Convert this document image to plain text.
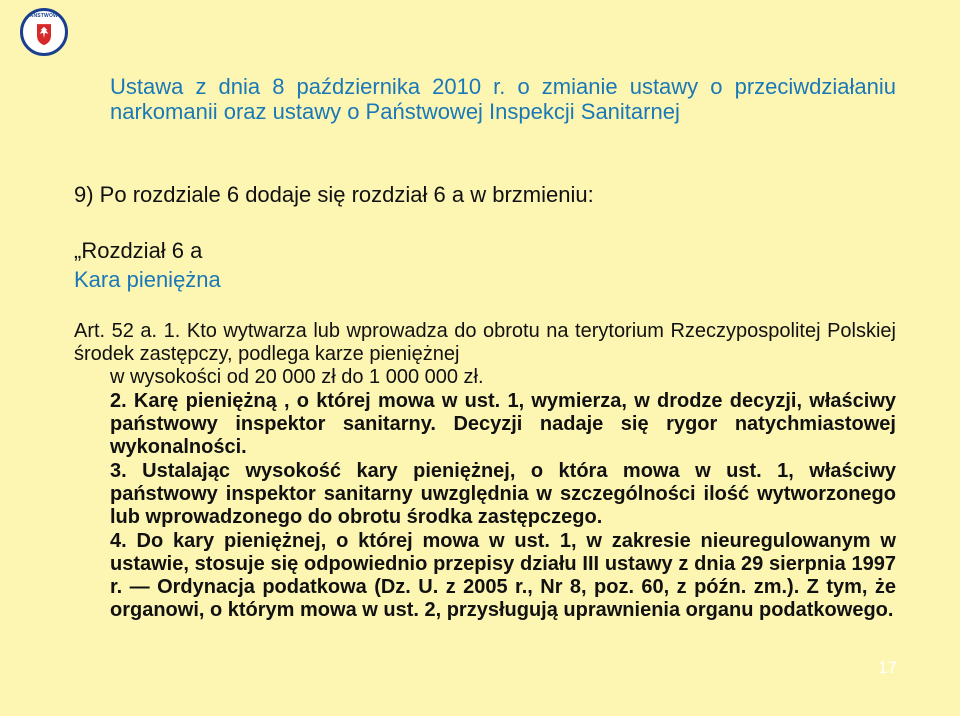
PAŃSTWOWY
Ustawa z dnia 8 października 2010 r. o zmianie ustawy o przeciwdziałaniu narkomanii oraz ustawy o Państwowej Inspekcji Sanitarnej
9) Po rozdziale 6 dodaje się rozdział 6 a w brzmieniu:
„Rozdział 6 a
Kara pieniężna
Art. 52 a. 1. Kto wytwarza lub wprowadza do obrotu na terytorium Rzeczypospolitej Polskiej środek zastępczy, podlega karze pieniężnej
w wysokości od 20 000 zł do 1 000 000 zł.
2. Karę pieniężną , o której mowa w ust. 1, wymierza, w drodze decyzji, właściwy państwowy inspektor sanitarny. Decyzji nadaje się rygor natychmiastowej wykonalności.
3. Ustalając wysokość kary pieniężnej, o która mowa w ust. 1, właściwy państwowy inspektor sanitarny uwzględnia w szczególności ilość wytworzonego lub wprowadzonego do obrotu środka zastępczego.
4. Do kary pieniężnej, o której mowa w ust. 1, w zakresie nieuregulowanym w ustawie, stosuje się odpowiednio przepisy działu III ustawy z dnia 29 sierpnia 1997 r. — Ordynacja podatkowa (Dz. U. z 2005 r., Nr 8, poz. 60, z późn. zm.). Z tym, że organowi, o którym mowa w ust. 2, przysługują uprawnienia organu podatkowego.
17
